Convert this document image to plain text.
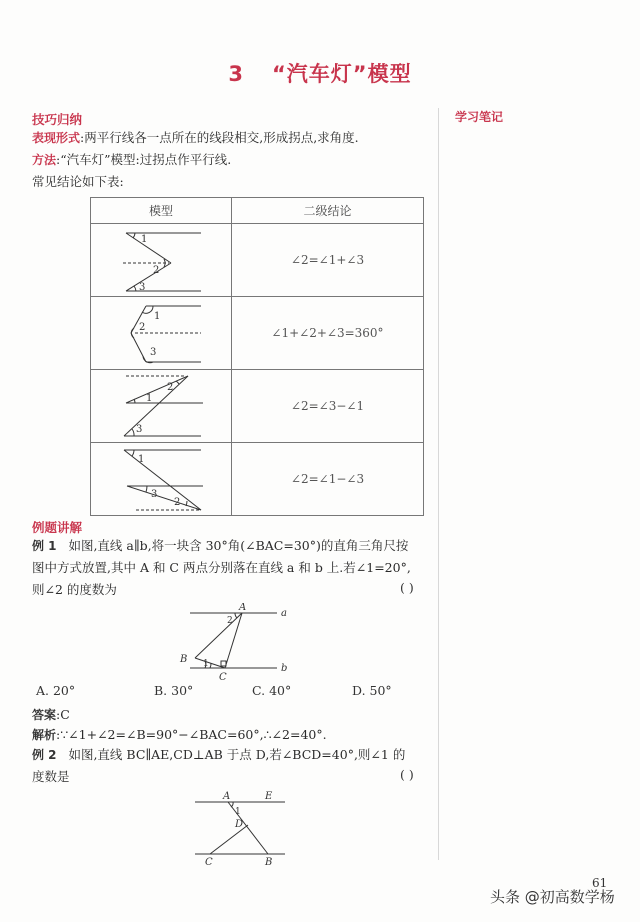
3 “汽车灯”模型
学习笔记
技巧归纳
表现形式:两平行线各一点所在的线段相交,形成拐点,求角度.
方法:“汽车灯”模型:过拐点作平行线.
常见结论如下表:
模型	二级结论

1
2
3	∠2=∠1+∠3

1
2
3	∠1+∠2+∠3=360°

1
2
3	∠2=∠3−∠1

1
3
2	∠2=∠1−∠3
例题讲解
例 1 如图,直线 a∥b,将一块含 30°角(∠BAC=30°)的直角三角尺按
图中方式放置,其中 A 和 C 两点分别落在直线 a 和 b 上.若∠1=20°,
则∠2 的度数为	( )
A
a
B
C
b
2
1
A. 20°	B. 30°	C. 40°	D. 50°
答案:C
解析:∵∠1+∠2=∠B=90°−∠BAC=60°,∴∠2=40°.
例 2 如图,直线 BC∥AE,CD⊥AB 于点 D,若∠BCD=40°,则∠1 的
度数是	( )
A	E
D
C	B
1
61
头条 @初高数学杨
